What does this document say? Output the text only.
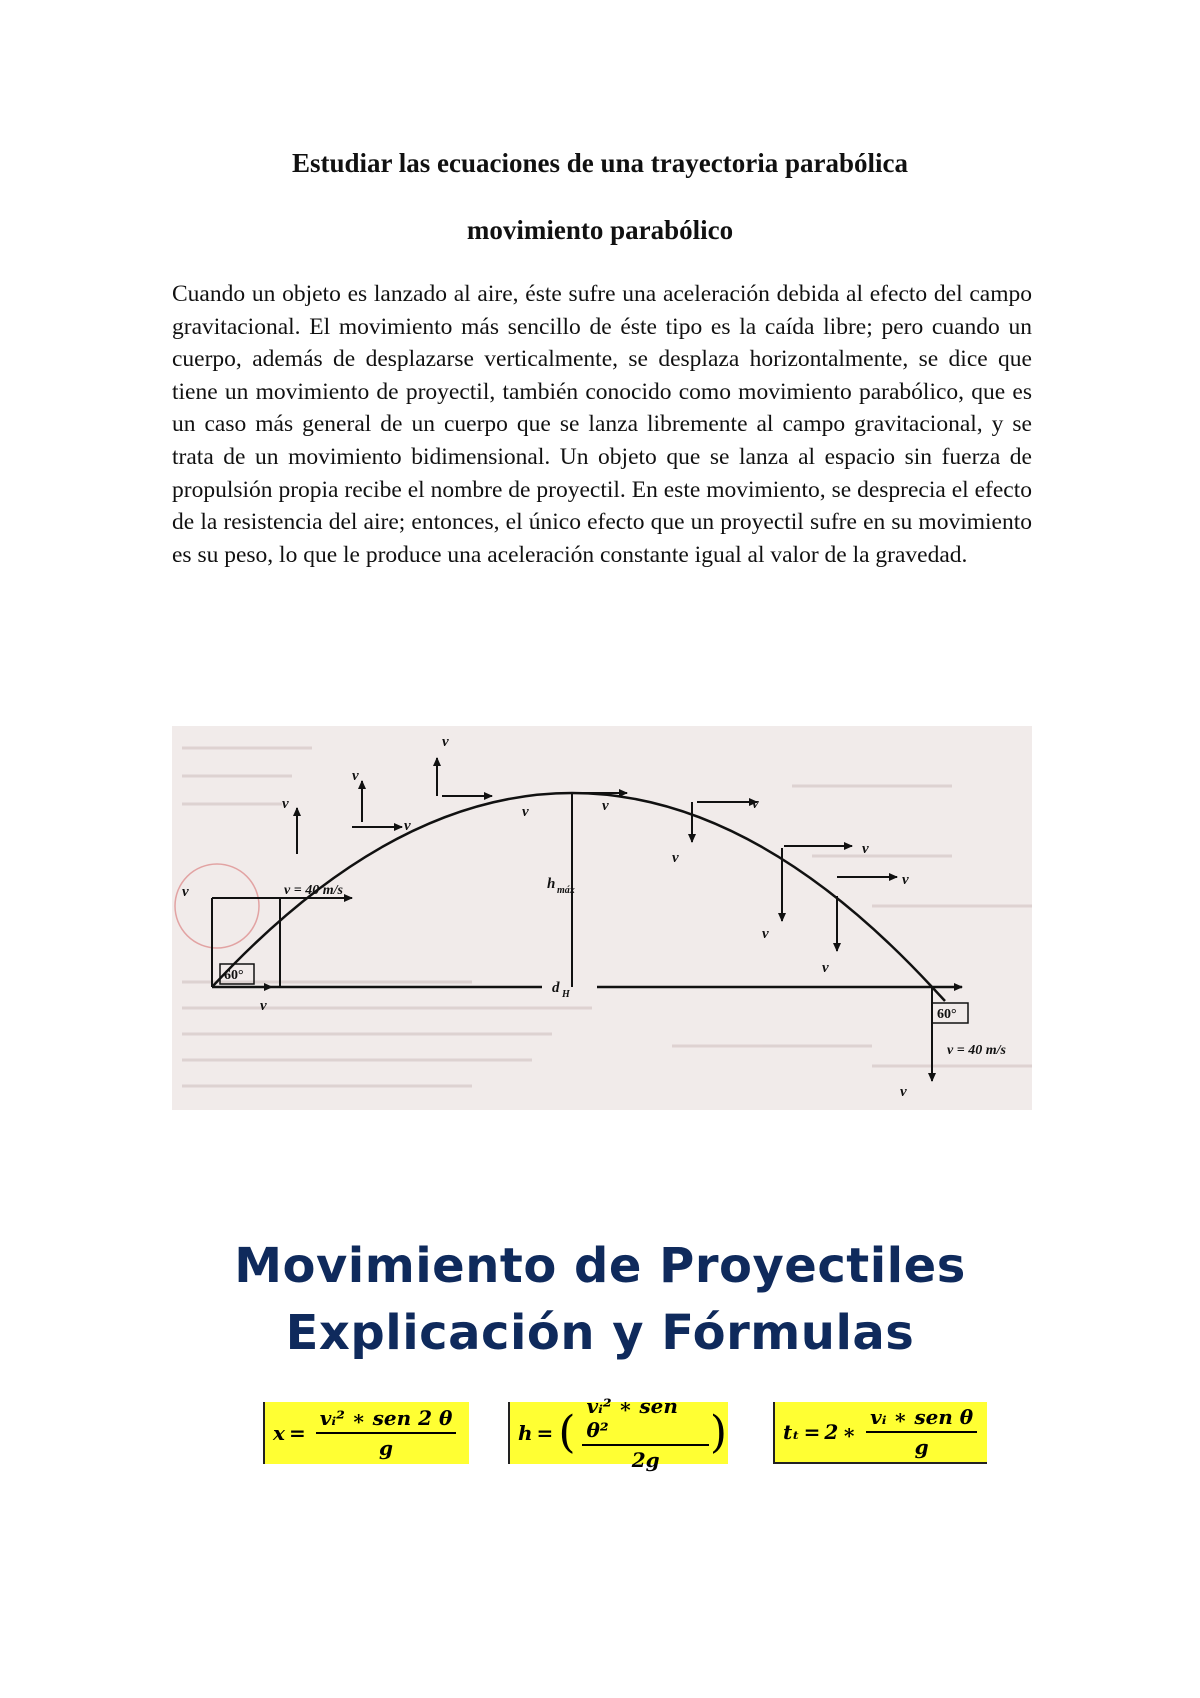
Estudiar las ecuaciones de una trayectoria parabólica
movimiento parabólico
Cuando un objeto es lanzado al aire, éste sufre una aceleración debida al efecto del campo gravitacional. El movimiento más sencillo de éste tipo es la caída libre; pero cuando un cuerpo, además de desplazarse verticalmente, se desplaza horizontalmente, se dice que tiene un movimiento de proyectil, también conocido como movimiento parabólico, que es un caso más general de un cuerpo que se lanza libremente al campo gravitacional, y se trata de un movimiento bidimensional. Un objeto que se lanza al espacio sin fuerza de propulsión propia recibe el nombre de proyectil. En este movimiento, se desprecia el efecto de la resistencia del aire; entonces, el único efecto que un proyectil sufre en su movimiento es su peso, lo que le produce una aceleración constante igual al valor de la gravedad.
v
v
v
v
v
v	v	v
v
v
v
v
v
v
v
h máx
d H
v = 40 m/s
v = 40 m/s
60°
60°
Movimiento de Proyectiles
Explicación y Fórmulas
$x = \frac{\text{vᵢ² ∗ sen 2 θ}}{g}$	h = ( $\frac{\text{vᵢ² ∗ sen θ²}}{2g}$ )	tₜ = 2 ∗ $\frac{\text{vᵢ ∗ sen θ}}{g}$
